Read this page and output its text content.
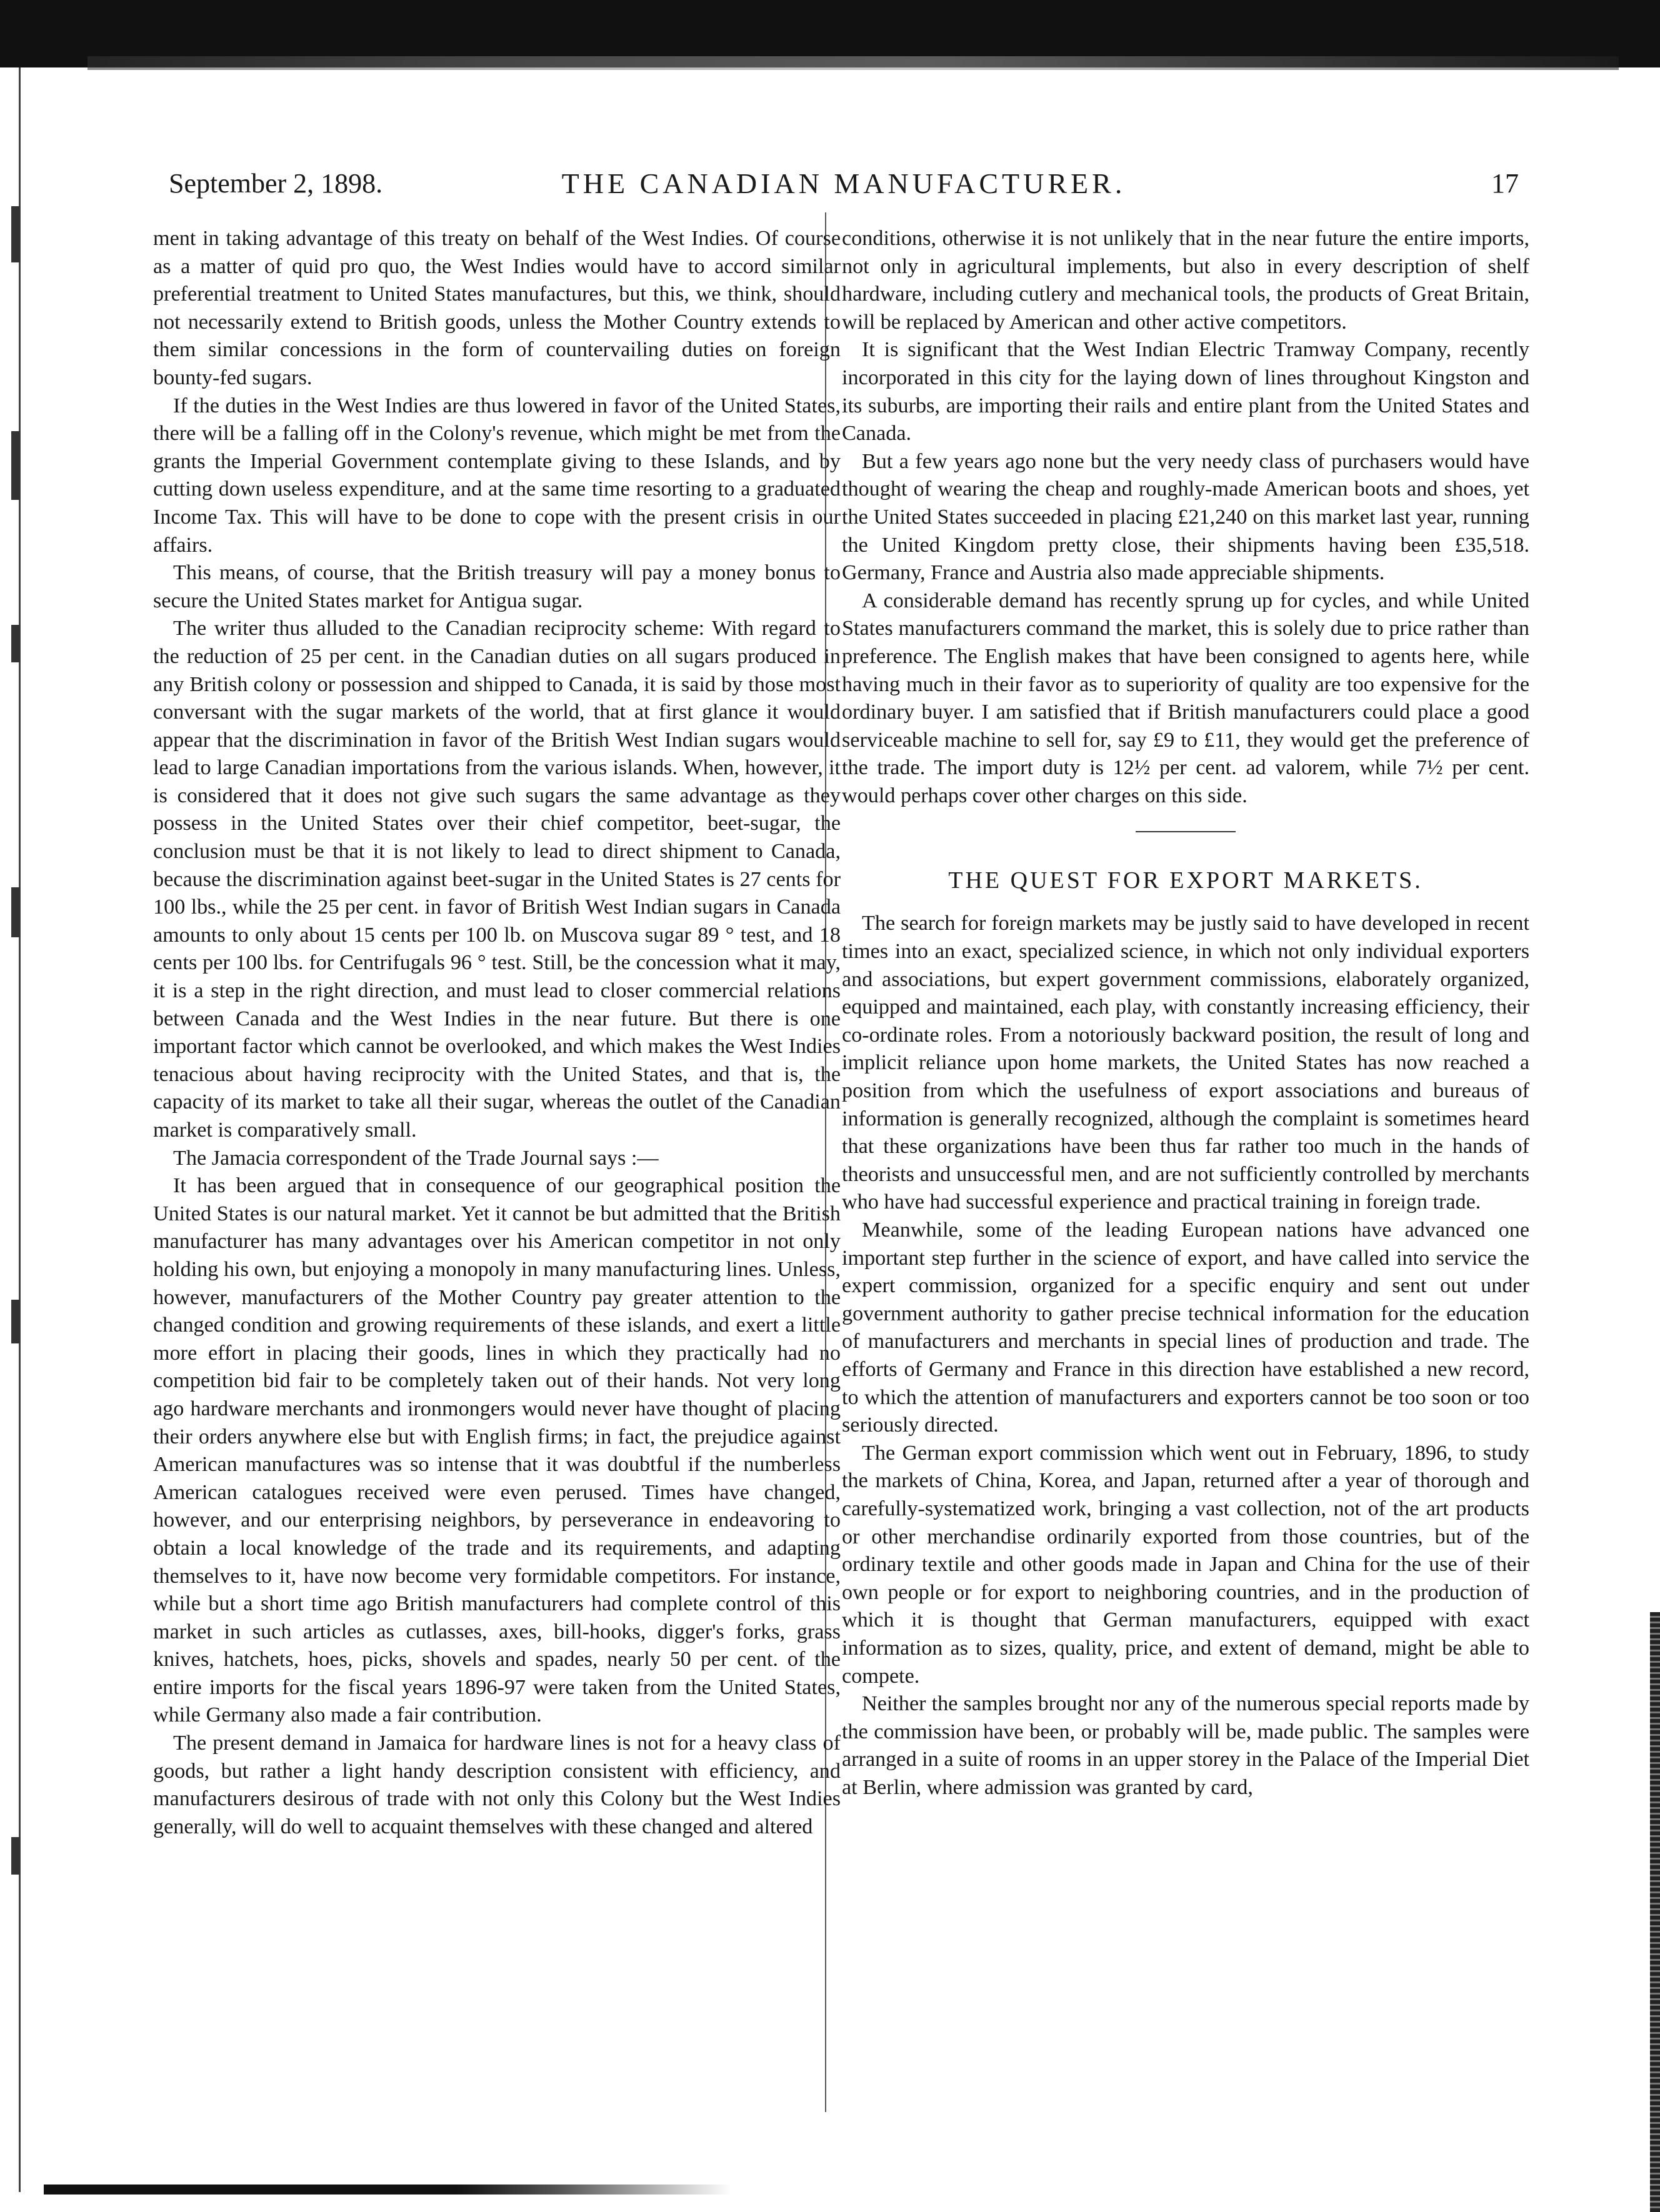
September 2, 1898.	THE CANADIAN MANUFACTURER.	17

ment in taking advantage of this treaty on behalf of the West Indies. Of course as a matter of quid pro quo, the West Indies would have to accord similar preferential treatment to United States manufactures, but this, we think, should not necessarily extend to British goods, unless the Mother Country extends to them similar concessions in the form of countervailing duties on foreign bounty-fed sugars.

If the duties in the West Indies are thus lowered in favor of the United States, there will be a falling off in the Colony's revenue, which might be met from the grants the Imperial Government contemplate giving to these Islands, and by cutting down useless expenditure, and at the same time resorting to a graduated Income Tax. This will have to be done to cope with the present crisis in our affairs.

This means, of course, that the British treasury will pay a money bonus to secure the United States market for Antigua sugar.

The writer thus alluded to the Canadian reciprocity scheme: With regard to the reduction of 25 per cent. in the Canadian duties on all sugars produced in any British colony or possession and shipped to Canada, it is said by those most conversant with the sugar markets of the world, that at first glance it would appear that the discrimination in favor of the British West Indian sugars would lead to large Canadian importations from the various islands. When, however, it is considered that it does not give such sugars the same advantage as they possess in the United States over their chief competitor, beet-sugar, the conclusion must be that it is not likely to lead to direct shipment to Canada, because the discrimination against beet-sugar in the United States is 27 cents for 100 lbs., while the 25 per cent. in favor of British West Indian sugars in Canada amounts to only about 15 cents per 100 lb. on Muscova sugar 89 ° test, and 18 cents per 100 lbs. for Centrifugals 96 ° test. Still, be the concession what it may, it is a step in the right direction, and must lead to closer commercial relations between Canada and the West Indies in the near future. But there is one important factor which cannot be overlooked, and which makes the West Indies tenacious about having reciprocity with the United States, and that is, the capacity of its market to take all their sugar, whereas the outlet of the Canadian market is comparatively small.

The Jamacia correspondent of the Trade Journal says :—

It has been argued that in consequence of our geographical position the United States is our natural market. Yet it cannot be but admitted that the British manufacturer has many advantages over his American competitor in not only holding his own, but enjoying a monopoly in many manufacturing lines. Unless, however, manufacturers of the Mother Country pay greater attention to the changed condition and growing requirements of these islands, and exert a little more effort in placing their goods, lines in which they practically had no competition bid fair to be completely taken out of their hands. Not very long ago hardware merchants and ironmongers would never have thought of placing their orders anywhere else but with English firms; in fact, the prejudice against American manufactures was so intense that it was doubtful if the numberless American catalogues received were even perused. Times have changed, however, and our enterprising neighbors, by perseverance in endeavoring to obtain a local knowledge of the trade and its requirements, and adapting themselves to it, have now become very formidable competitors. For instance, while but a short time ago British manufacturers had complete control of this market in such articles as cutlasses, axes, bill-hooks, digger's forks, grass knives, hatchets, hoes, picks, shovels and spades, nearly 50 per cent. of the entire imports for the fiscal years 1896-97 were taken from the United States, while Germany also made a fair contribution.

The present demand in Jamaica for hardware lines is not for a heavy class of goods, but rather a light handy description consistent with efficiency, and manufacturers desirous of trade with not only this Colony but the West Indies generally, will do well to acquaint themselves with these changed and altered

conditions, otherwise it is not unlikely that in the near future the entire imports, not only in agricultural implements, but also in every description of shelf hardware, including cutlery and mechanical tools, the products of Great Britain, will be replaced by American and other active competitors.

It is significant that the West Indian Electric Tramway Company, recently incorporated in this city for the laying down of lines throughout Kingston and its suburbs, are importing their rails and entire plant from the United States and Canada.

But a few years ago none but the very needy class of purchasers would have thought of wearing the cheap and roughly-made American boots and shoes, yet the United States succeeded in placing £21,240 on this market last year, running the United Kingdom pretty close, their shipments having been £35,518. Germany, France and Austria also made appreciable shipments.

A considerable demand has recently sprung up for cycles, and while United States manufacturers command the market, this is solely due to price rather than preference. The English makes that have been consigned to agents here, while having much in their favor as to superiority of quality are too expensive for the ordinary buyer. I am satisfied that if British manufacturers could place a good serviceable machine to sell for, say £9 to £11, they would get the preference of the trade. The import duty is 12½ per cent. ad valorem, while 7½ per cent. would perhaps cover other charges on this side.

THE QUEST FOR EXPORT MARKETS.

The search for foreign markets may be justly said to have developed in recent times into an exact, specialized science, in which not only individual exporters and associations, but expert government commissions, elaborately organized, equipped and maintained, each play, with constantly increasing efficiency, their co-ordinate roles. From a notoriously backward position, the result of long and implicit reliance upon home markets, the United States has now reached a position from which the usefulness of export associations and bureaus of information is generally recognized, although the complaint is sometimes heard that these organizations have been thus far rather too much in the hands of theorists and unsuccessful men, and are not sufficiently controlled by merchants who have had successful experience and practical training in foreign trade.

Meanwhile, some of the leading European nations have advanced one important step further in the science of export, and have called into service the expert commission, organized for a specific enquiry and sent out under government authority to gather precise technical information for the education of manufacturers and merchants in special lines of production and trade. The efforts of Germany and France in this direction have established a new record, to which the attention of manufacturers and exporters cannot be too soon or too seriously directed.

The German export commission which went out in February, 1896, to study the markets of China, Korea, and Japan, returned after a year of thorough and carefully-systematized work, bringing a vast collection, not of the art products or other merchandise ordinarily exported from those countries, but of the ordinary textile and other goods made in Japan and China for the use of their own people or for export to neighboring countries, and in the production of which it is thought that German manufacturers, equipped with exact information as to sizes, quality, price, and extent of demand, might be able to compete.

Neither the samples brought nor any of the numerous special reports made by the commission have been, or probably will be, made public. The samples were arranged in a suite of rooms in an upper storey in the Palace of the Imperial Diet at Berlin, where admission was granted by card,
